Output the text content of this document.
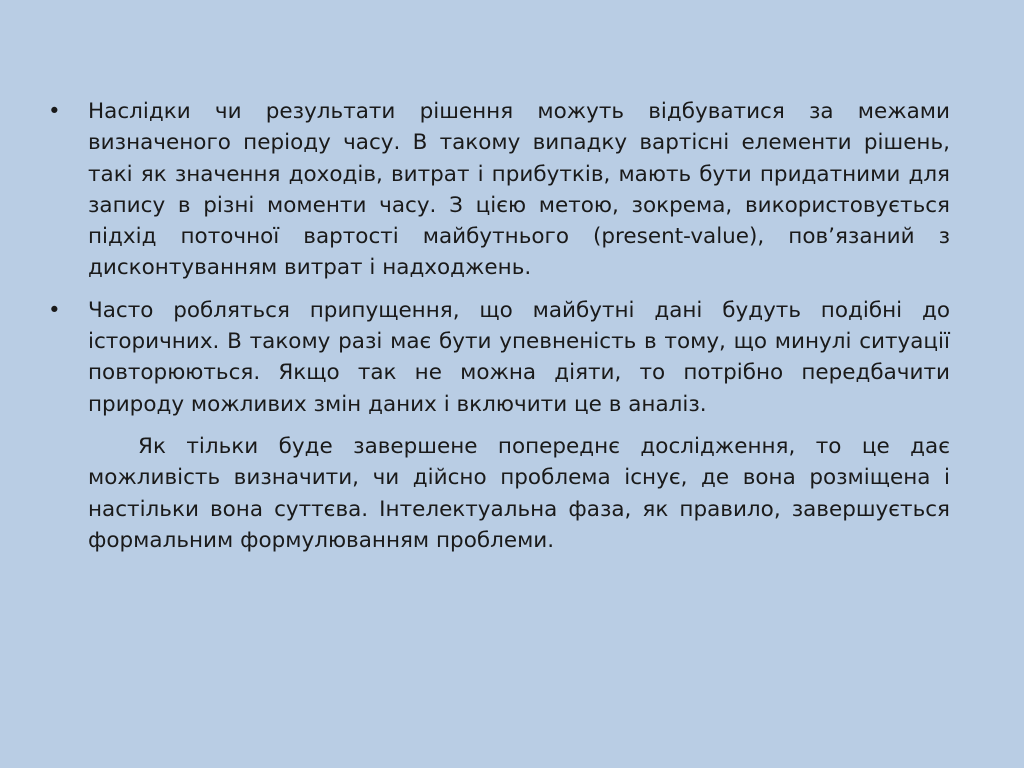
• Наслідки чи результати рішення можуть відбуватися за межами визначеного періоду часу. В такому випадку вартісні елементи рішень, такі як значення доходів, витрат і прибутків, мають бути придатними для запису в різні моменти часу. З цією метою, зокрема, використовується підхід поточної вартості майбутнього (present-value), пов’язаний з дисконтуванням витрат і надходжень.
• Часто робляться припущення, що майбутні дані будуть подібні до історичних. В такому разі має бути упевненість в тому, що минулі ситуації повторюються. Якщо так не можна діяти, то потрібно передбачити природу можливих змін даних і включити це в аналіз.
Як тільки буде завершене попереднє дослідження, то це дає можливість визначити, чи дійсно проблема існує, де вона розміщена і настільки вона суттєва. Інтелектуальна фаза, як правило, завершується формальним формулюванням проблеми.
